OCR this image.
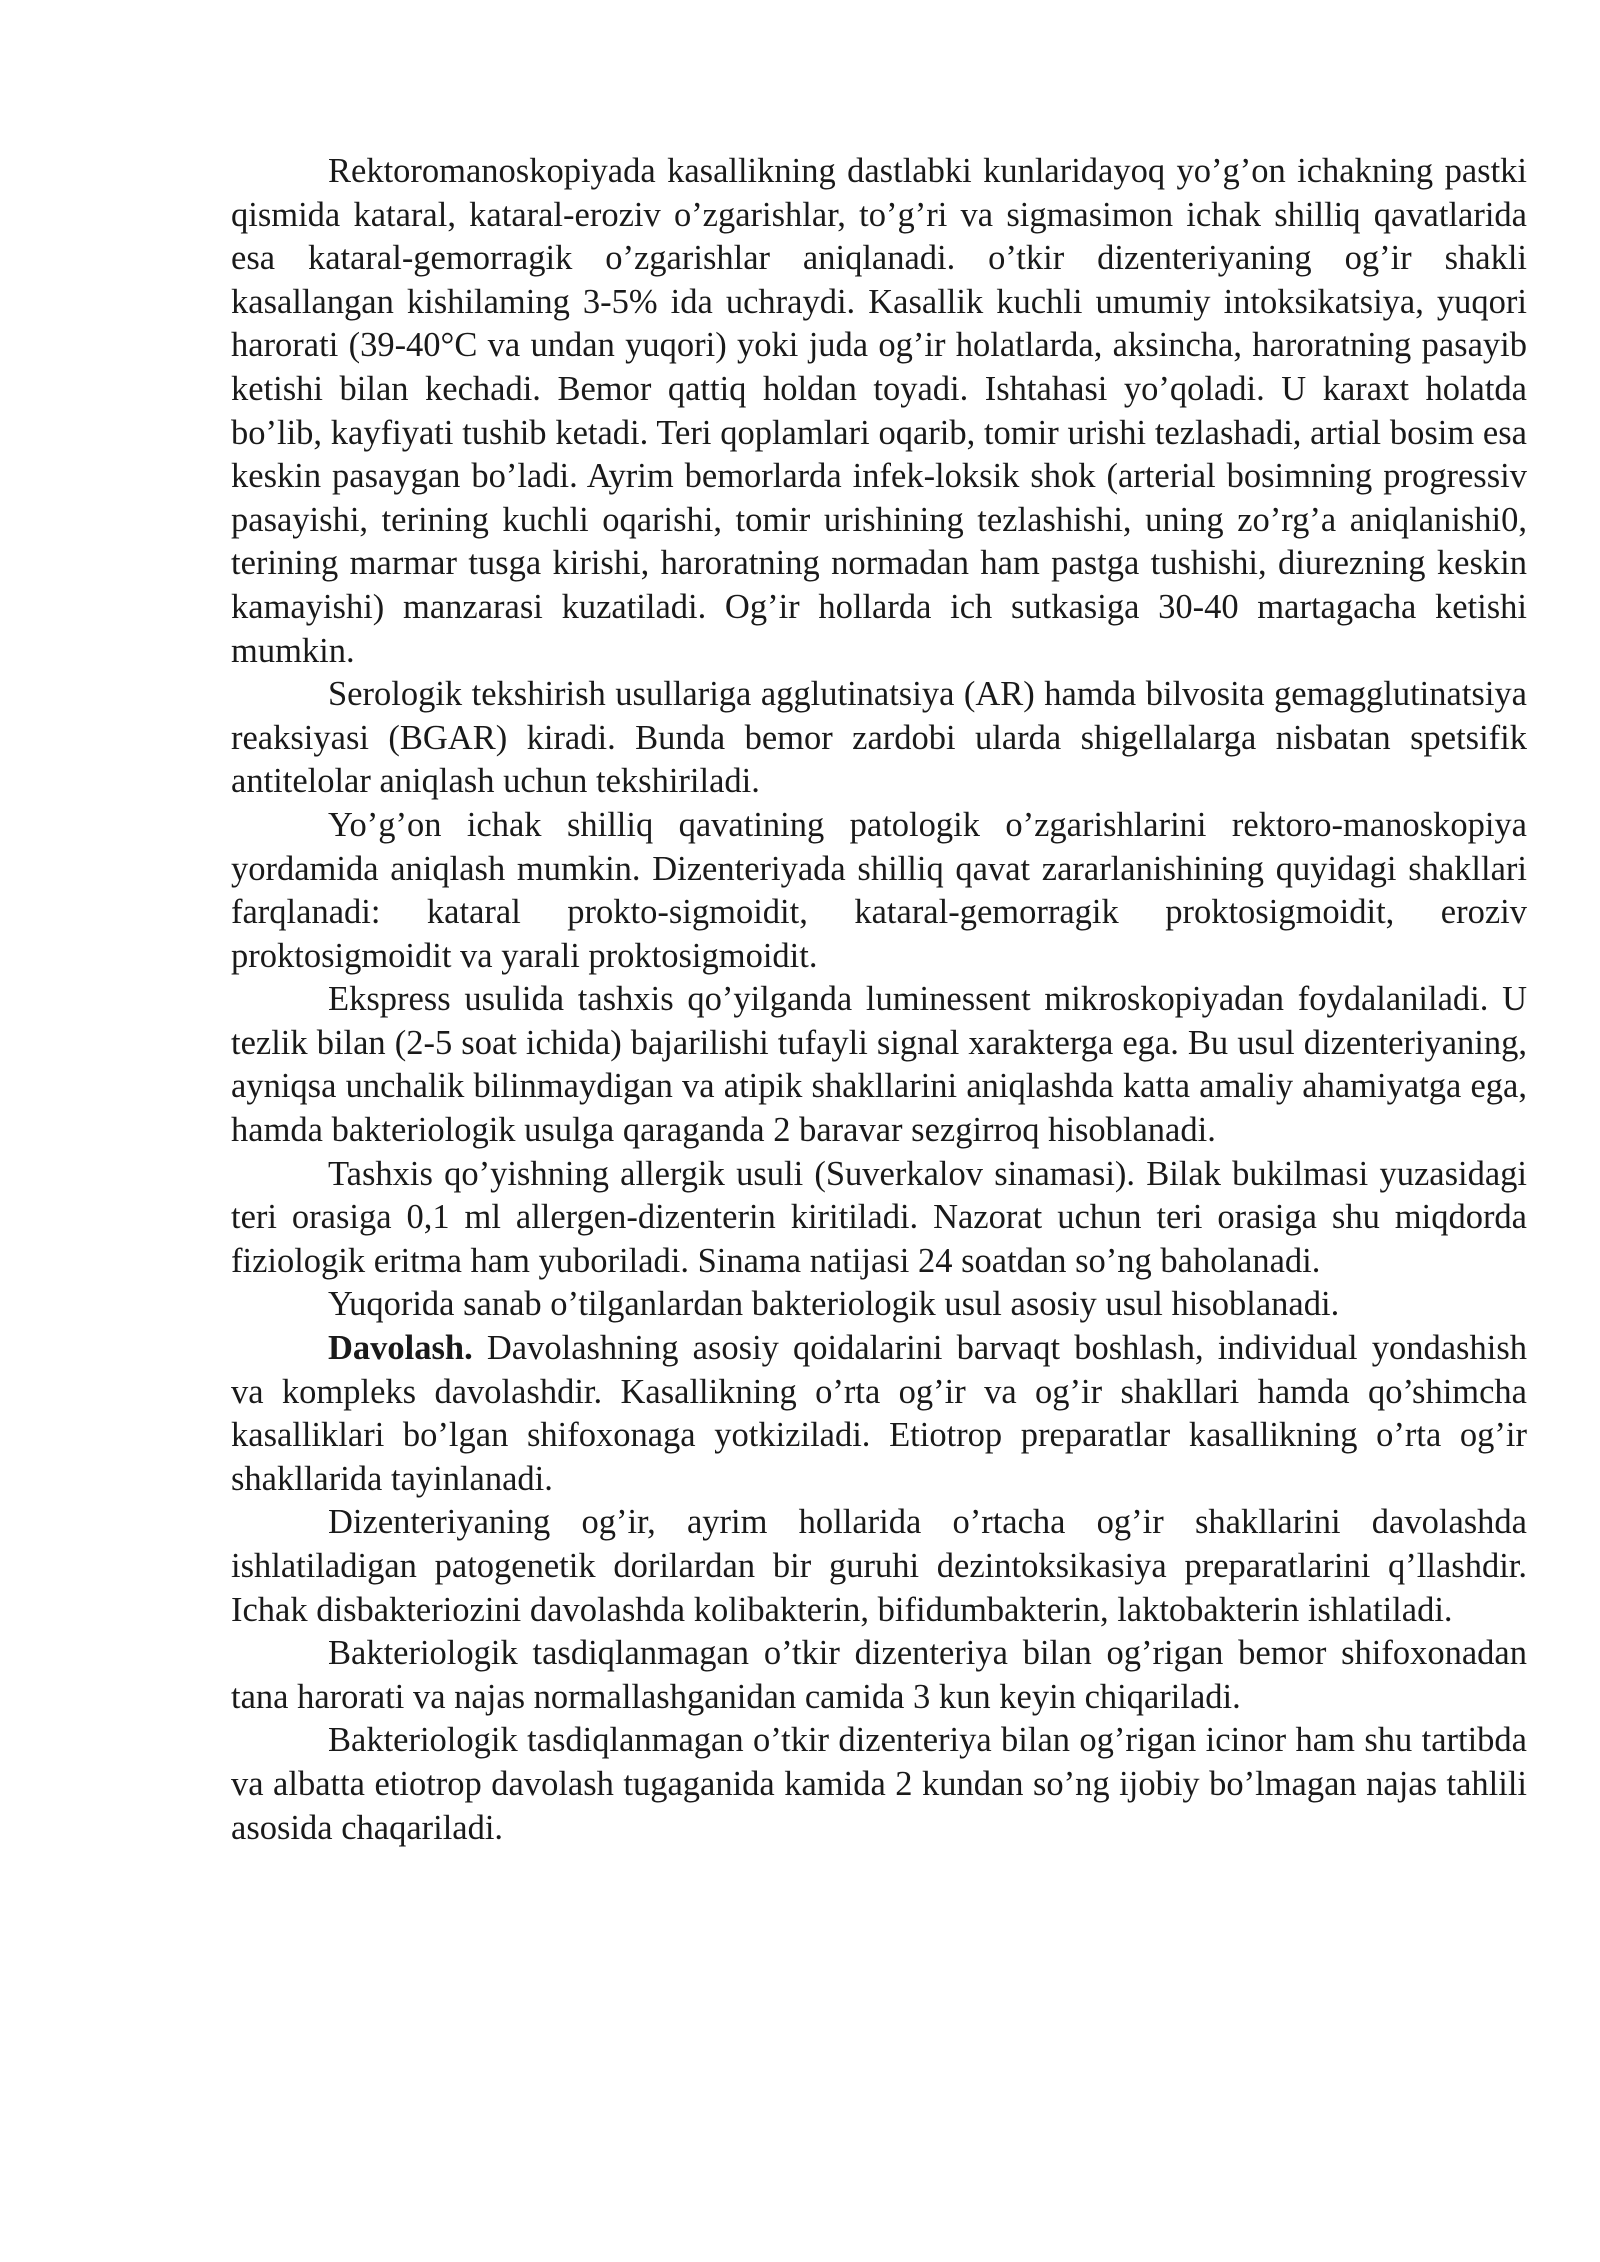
Rektoromanoskopiyada kasallikning dastlabki kunlaridayoq yo’g’on ichakning pastki qismida kataral, kataral-eroziv o’zgarishlar, to’g’ri va sigmasimon ichak shilliq qavatlarida esa kataral-gemorragik o’zgarishlar aniqlanadi. o’tkir dizenteriyaning og’ir shakli kasallangan kishilaming 3-5% ida uchraydi. Kasallik kuchli umumiy intoksikatsiya, yuqori harorati (39-40°C va undan yuqori) yoki juda og’ir holatlarda, aksincha, haroratning pasayib ketishi bilan kechadi. Bemor qattiq holdan toyadi. Ishtahasi yo’qoladi. U karaxt holatda bo’lib, kayfiyati tushib ketadi. Teri qoplamlari oqarib, tomir urishi tezlashadi, artial bosim esa keskin pasaygan bo’ladi. Ayrim bemorlarda infek-loksik shok (arterial bosimning progressiv pasayishi, terining kuchli oqarishi, tomir urishining tezlashishi, uning zo’rg’a aniqlanishi0, terining marmar tusga kirishi, haroratning normadan ham pastga tushishi, diurezning keskin kamayishi) manzarasi kuzatiladi. Og’ir hollarda ich sutkasiga 30-40 martagacha ketishi mumkin.

Serologik tekshirish usullariga agglutinatsiya (AR) hamda bilvosita gemagglutinatsiya reaksiyasi (BGAR) kiradi. Bunda bemor zardobi ularda shigellalarga nisbatan spetsifik antitelolar aniqlash uchun tekshiriladi.

Yo’g’on ichak shilliq qavatining patologik o’zgarishlarini rektoro-manoskopiya yordamida aniqlash mumkin. Dizenteriyada shilliq qavat zararlanishining quyidagi shakllari farqlanadi: kataral prokto-sigmoidit, kataral-gemorragik proktosigmoidit, eroziv proktosigmoidit va yarali proktosigmoidit.

Ekspress usulida tashxis qo’yilganda luminessent mikroskopiyadan foydalaniladi. U tezlik bilan (2-5 soat ichida) bajarilishi tufayli signal xarakterga ega. Bu usul dizenteriyaning, ayniqsa unchalik bilinmaydigan va atipik shakllarini aniqlashda katta amaliy ahamiyatga ega, hamda bakteriologik usulga qaraganda 2 baravar sezgirroq hisoblanadi.

Tashxis qo’yishning allergik usuli (Suverkalov sinamasi). Bilak bukilmasi yuzasidagi teri orasiga 0,1 ml allergen-dizenterin kiritiladi. Nazorat uchun teri orasiga shu miqdorda fiziologik eritma ham yuboriladi. Sinama natijasi 24 soatdan so’ng baholanadi.

Yuqorida sanab o’tilganlardan bakteriologik usul asosiy usul hisoblanadi.

Davolash. Davolashning asosiy qoidalarini barvaqt boshlash, individual yondashish va kompleks davolashdir. Kasallikning o’rta og’ir va og’ir shakllari hamda qo’shimcha kasalliklari bo’lgan shifoxonaga yotkiziladi. Etiotrop preparatlar kasallikning o’rta og’ir shakllarida tayinlanadi.

Dizenteriyaning og’ir, ayrim hollarida o’rtacha og’ir shakllarini davolashda ishlatiladigan patogenetik dorilardan bir guruhi dezintoksikasiya preparatlarini q’llashdir. Ichak disbakteriozini davolashda kolibakterin, bifidumbakterin, laktobakterin ishlatiladi.

Bakteriologik tasdiqlanmagan o’tkir dizenteriya bilan og’rigan bemor shifoxonadan tana harorati va najas normallashganidan camida 3 kun keyin chiqariladi.

Bakteriologik tasdiqlanmagan o’tkir dizenteriya bilan og’rigan icinor ham shu tartibda va albatta etiotrop davolash tugaganida kamida 2 kundan so’ng ijobiy bo’lmagan najas tahlili asosida chaqariladi.
